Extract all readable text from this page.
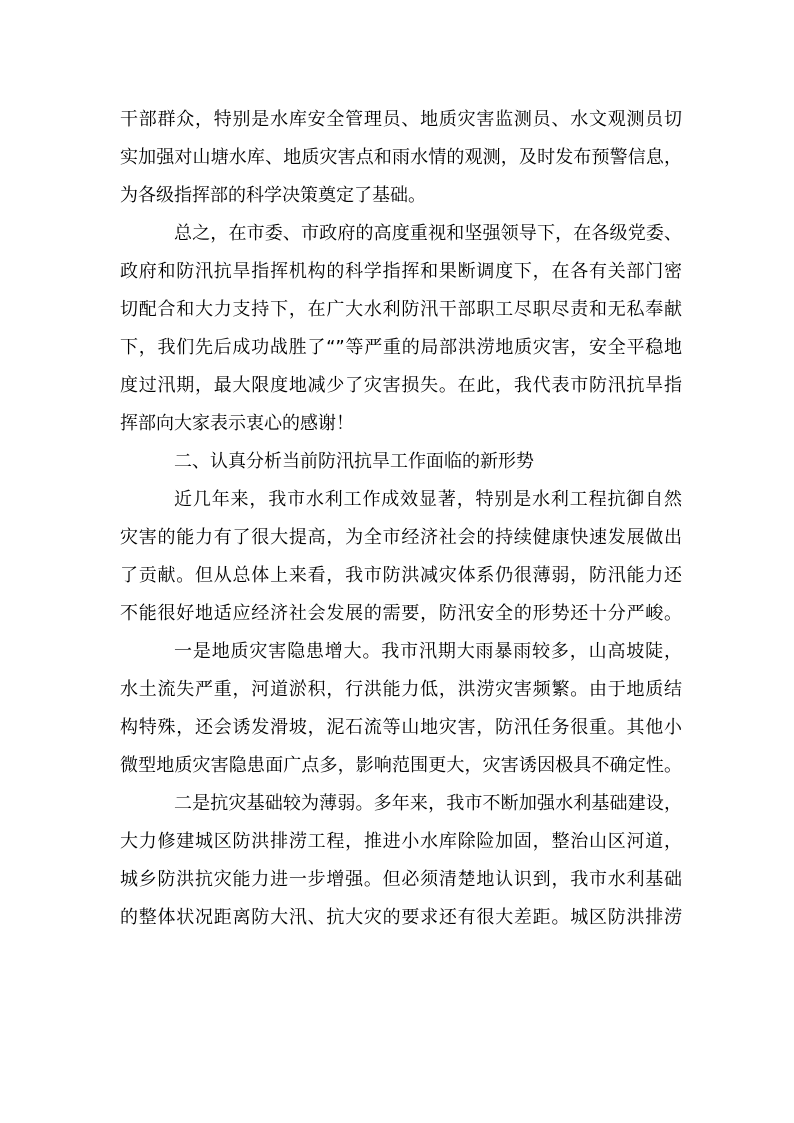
干部群众，特别是水库安全管理员、地质灾害监测员、水文观测员切

实加强对山塘水库、地质灾害点和雨水情的观测，及时发布预警信息，

为各级指挥部的科学决策奠定了基础。

总之，在市委、市政府的高度重视和坚强领导下，在各级党委、

政府和防汛抗旱指挥机构的科学指挥和果断调度下，在各有关部门密

切配合和大力支持下，在广大水利防汛干部职工尽职尽责和无私奉献

下，我们先后成功战胜了“”等严重的局部洪涝地质灾害，安全平稳地

度过汛期，最大限度地减少了灾害损失。在此，我代表市防汛抗旱指

挥部向大家表示衷心的感谢！

二、认真分析当前防汛抗旱工作面临的新形势

近几年来，我市水利工作成效显著，特别是水利工程抗御自然

灾害的能力有了很大提高，为全市经济社会的持续健康快速发展做出

了贡献。但从总体上来看，我市防洪减灾体系仍很薄弱，防汛能力还

不能很好地适应经济社会发展的需要，防汛安全的形势还十分严峻。

一是地质灾害隐患增大。我市汛期大雨暴雨较多，山高坡陡，

水土流失严重，河道淤积，行洪能力低，洪涝灾害频繁。由于地质结

构特殊，还会诱发滑坡，泥石流等山地灾害，防汛任务很重。其他小

微型地质灾害隐患面广点多，影响范围更大，灾害诱因极具不确定性。

二是抗灾基础较为薄弱。多年来，我市不断加强水利基础建设，

大力修建城区防洪排涝工程，推进小水库除险加固，整治山区河道，

城乡防洪抗灾能力进一步增强。但必须清楚地认识到，我市水利基础

的整体状况距离防大汛、抗大灾的要求还有很大差距。城区防洪排涝
